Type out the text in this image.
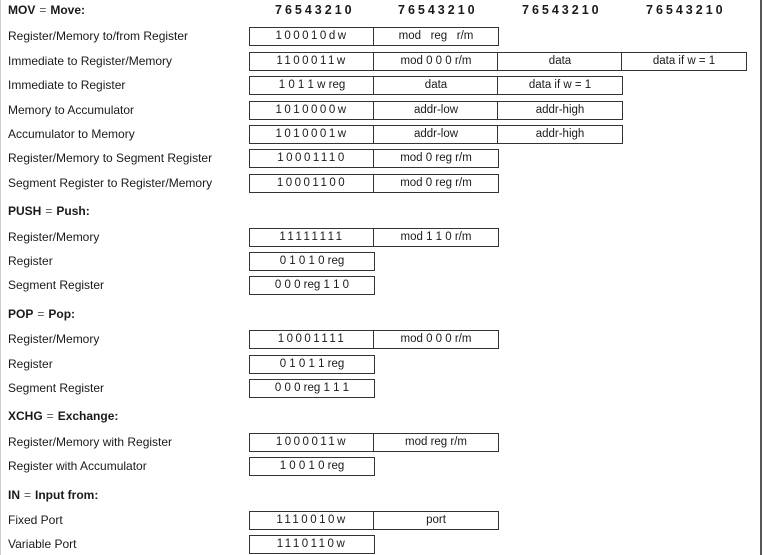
76543210	76543210	76543210	76543210
MOV = Move:
Register/Memory to/from Register	100010dw	mod   reg   r/m
Immediate to Register/Memory	1100011w	mod 0 0 0 r/m	data	data if w = 1
Immediate to Register	1 0 1 1 w reg	data	data if w = 1
Memory to Accumulator	1010000w	addr-low	addr-high
Accumulator to Memory	1010001w	addr-low	addr-high
Register/Memory to Segment Register	10001110	mod 0 reg r/m
Segment Register to Register/Memory	10001100	mod 0 reg r/m
PUSH = Push:
Register/Memory	11111111	mod 1 1 0 r/m
Register	0 1 0 1 0 reg
Segment Register	0 0 0 reg 1 1 0
POP = Pop:
Register/Memory	10001111	mod 0 0 0 r/m
Register	0 1 0 1 1 reg
Segment Register	0 0 0 reg 1 1 1
XCHG = Exchange:
Register/Memory with Register	1000011w	mod reg r/m
Register with Accumulator	1 0 0 1 0 reg
IN = Input from:
Fixed Port	1110010w	port
Variable Port	1110110w
